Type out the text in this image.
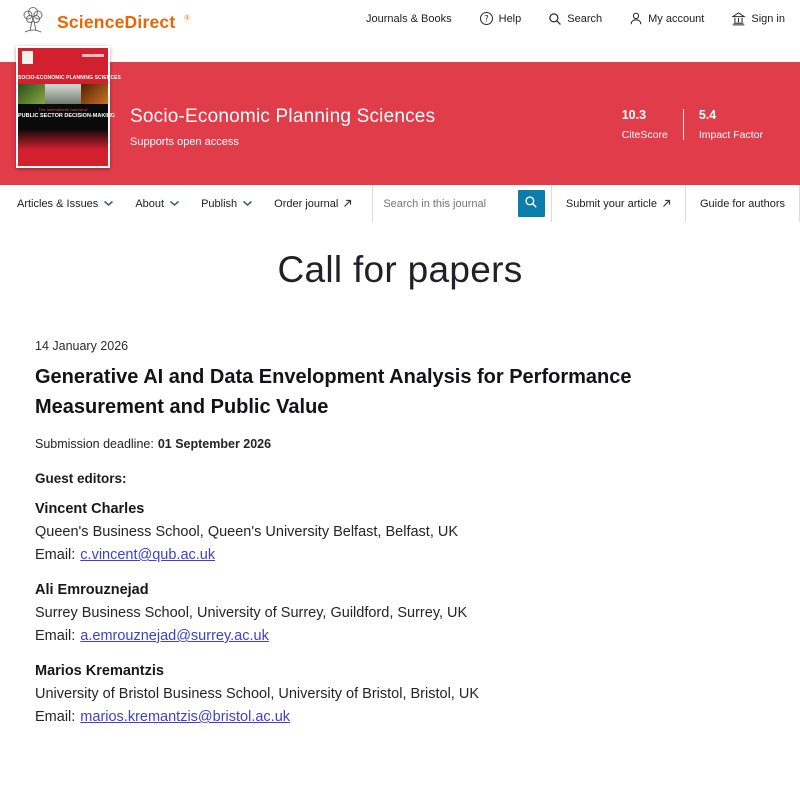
ScienceDirect ®	Journals & Books	? Help	Search	My account	Sign in
SOCIO-ECONOMIC PLANNING SCIENCES
The International Journal of
PUBLIC SECTOR DECISION-MAKING Socio-Economic Planning Sciences
Supports open access
10.3
CiteScore
5.4
Impact Factor
Articles & Issues	About	Publish	Order journal
Search in this journal	Submit your article	Guide for authors
Call for papers
14 January 2026
Generative AI and Data Envelopment Analysis for Performance Measurement and Public Value
Submission deadline: 01 September 2026
Guest editors:
Vincent Charles
Queen's Business School, Queen's University Belfast, Belfast, UK
Email: c.vincent@qub.ac.uk
Ali Emrouznejad
Surrey Business School, University of Surrey, Guildford, Surrey, UK
Email: a.emrouznejad@surrey.ac.uk
Marios Kremantzis
University of Bristol Business School, University of Bristol, Bristol, UK
Email: marios.kremantzis@bristol.ac.uk
